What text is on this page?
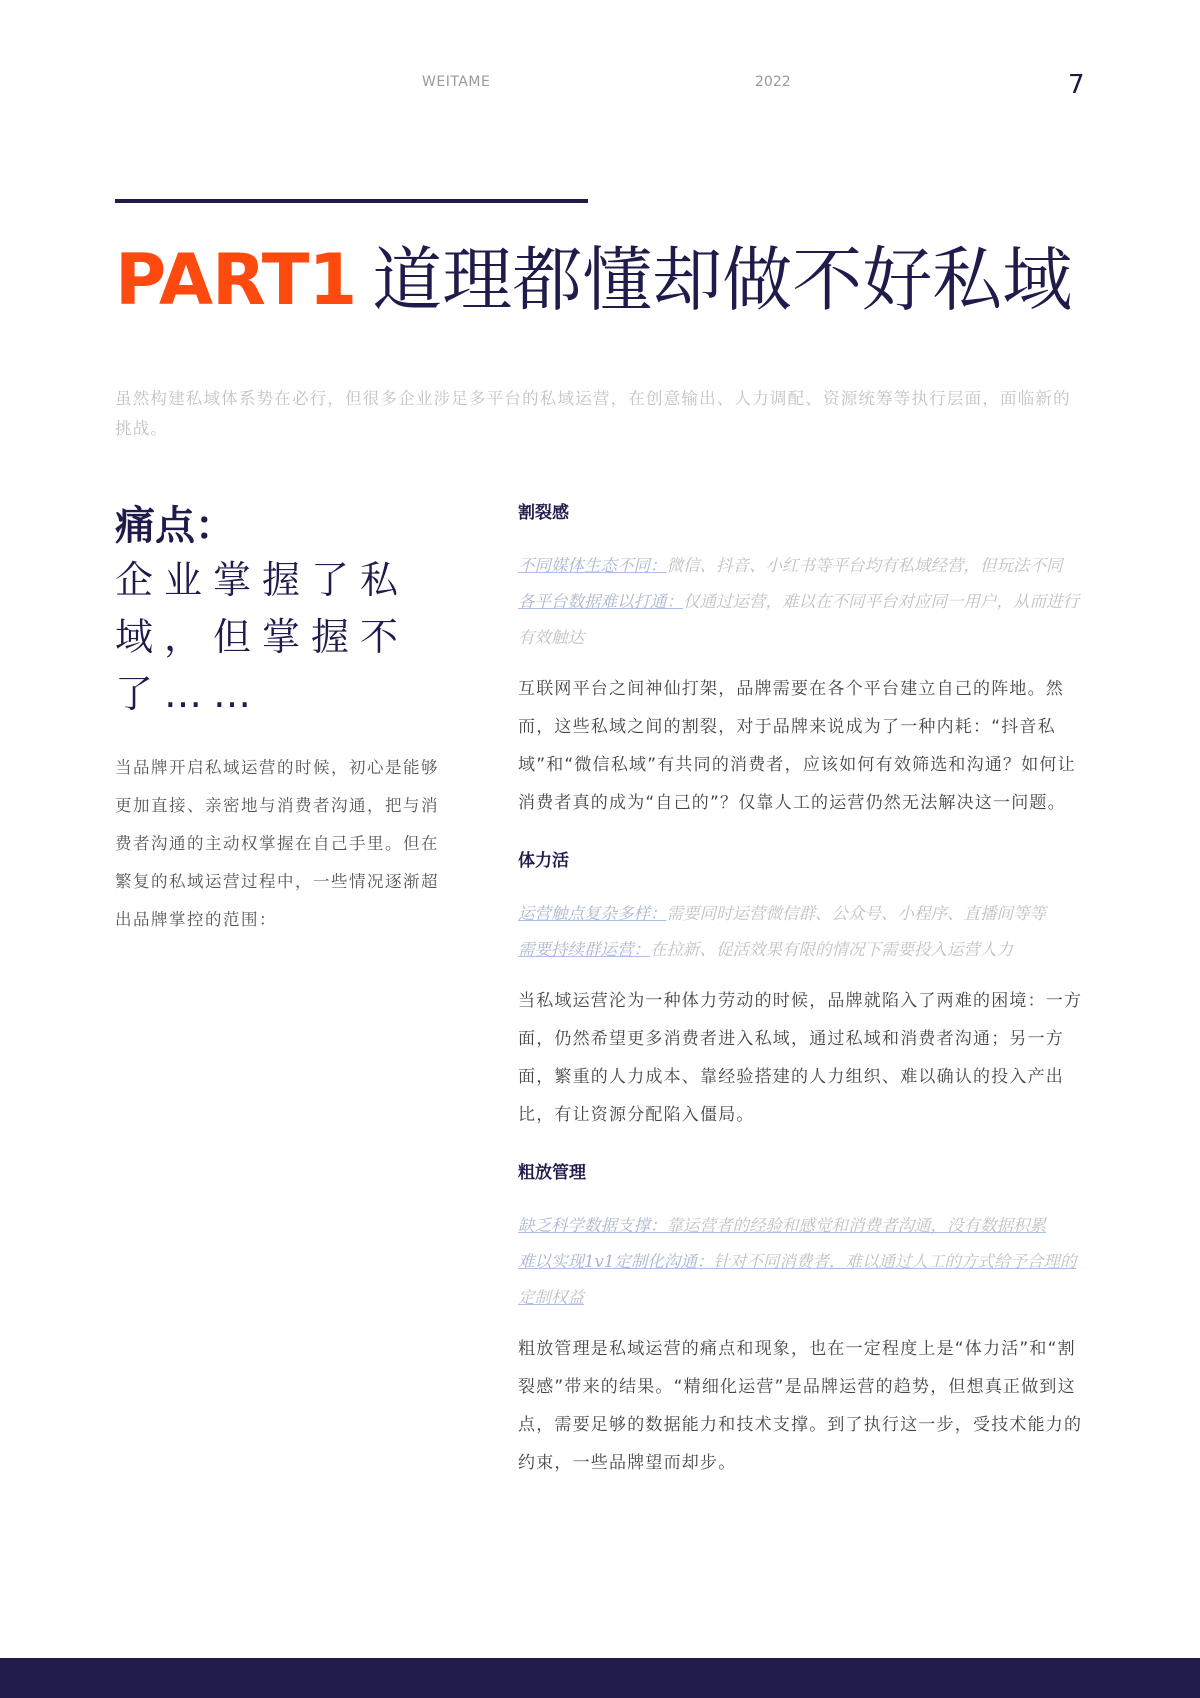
WEITAME	2022	7
PART1 道理都懂却做不好私域

虽然构建私域体系势在必行，但很多企业涉足多平台的私域运营，在创意输出、人力调配、资源统筹等执行层面，面临新的挑战。

痛点：

企业掌握了私域，但掌握不了……

当品牌开启私域运营的时候，初心是能够更加直接、亲密地与消费者沟通，把与消费者沟通的主动权掌握在自己手里。但在繁复的私域运营过程中，一些情况逐渐超出品牌掌控的范围：

割裂感
不同媒体生态不同：微信、抖音、小红书等平台均有私域经营，但玩法不同
各平台数据难以打通：仅通过运营，难以在不同平台对应同一用户，从而进行有效触达

互联网平台之间神仙打架，品牌需要在各个平台建立自己的阵地。然而，这些私域之间的割裂，对于品牌来说成为了一种内耗：“抖音私域”和“微信私域”有共同的消费者，应该如何有效筛选和沟通？如何让消费者真的成为“自己的”？仅靠人工的运营仍然无法解决这一问题。

体力活
运营触点复杂多样：需要同时运营微信群、公众号、小程序、直播间等等
需要持续群运营：在拉新、促活效果有限的情况下需要投入运营人力

当私域运营沦为一种体力劳动的时候，品牌就陷入了两难的困境：一方面，仍然希望更多消费者进入私域，通过私域和消费者沟通；另一方面，繁重的人力成本、靠经验搭建的人力组织、难以确认的投入产出比，有让资源分配陷入僵局。

粗放管理
缺乏科学数据支撑：靠运营者的经验和感觉和消费者沟通，没有数据积累
难以实现1v1定制化沟通：针对不同消费者，难以通过人工的方式给予合理的定制权益

粗放管理是私域运营的痛点和现象，也在一定程度上是“体力活”和“割裂感”带来的结果。“精细化运营”是品牌运营的趋势，但想真正做到这点，需要足够的数据能力和技术支撑。到了执行这一步，受技术能力的约束，一些品牌望而却步。
